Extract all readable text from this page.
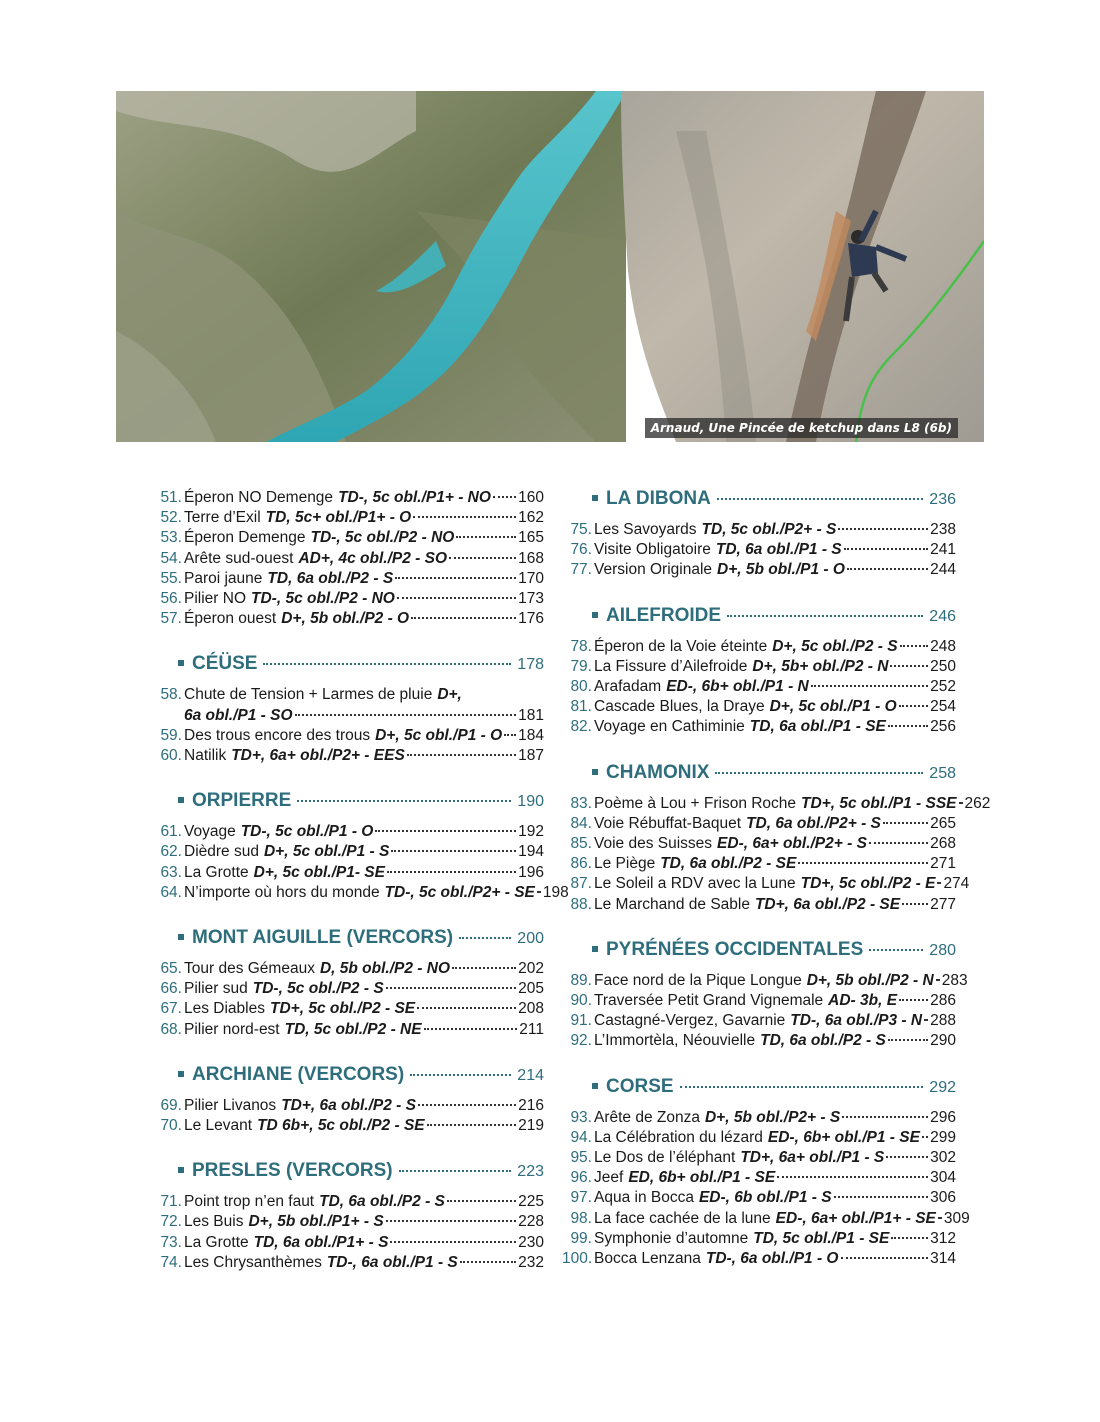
Arnaud, Une Pincée de ketchup dans L8 (6b)
51. Éperon NO Demenge TD-, 5c obl./P1+ - NO 160
52. Terre d’Exil TD, 5c+ obl./P1+ - O	162
53. Éperon Demenge TD-, 5c obl./P2 - NO	165
54. Arête sud-ouest AD+, 4c obl./P2 - SO	168
55. Paroi jaune TD, 6a obl./P2 - S	170
56. Pilier NO TD-, 5c obl./P2 - NO	173
57. Éperon ouest D+, 5b obl./P2 - O	176
CÉÜSE	178
58. Chute de Tension + Larmes de pluie D+,
6a obl./P1 - SO	181
59. Des trous encore des trous D+, 5c obl./P1 - O 184
60. Natilik TD+, 6a+ obl./P2+ - EES	187
ORPIERRE	190
61. Voyage TD-, 5c obl./P1 - O	192
62. Dièdre sud D+, 5c obl./P1 - S	194
63. La Grotte D+, 5c obl./P1- SE	196
64. N’importe où hors du monde TD-, 5c obl./P2+ - SE 198
MONT AIGUILLE (VERCORS)	200
65. Tour des Gémeaux D, 5b obl./P2 - NO	202
66. Pilier sud TD-, 5c obl./P2 - S	205
67. Les Diables TD+, 5c obl./P2 - SE	208
68. Pilier nord-est TD, 5c obl./P2 - NE	211
ARCHIANE (VERCORS)	214
69. Pilier Livanos TD+, 6a obl./P2 - S	216
70. Le Levant TD 6b+, 5c obl./P2 - SE	219
PRESLES (VERCORS)	223
71. Point trop n’en faut TD, 6a obl./P2 - S	225
72. Les Buis D+, 5b obl./P1+ - S	228
73. La Grotte TD, 6a obl./P1+ - S	230
74. Les Chrysanthèmes TD-, 6a obl./P1 - S	232
LA DIBONA	236
75. Les Savoyards TD, 5c obl./P2+ - S	238
76. Visite Obligatoire TD, 6a obl./P1 - S	241
77. Version Originale D+, 5b obl./P1 - O	244
AILEFROIDE	246
78. Éperon de la Voie éteinte D+, 5c obl./P2 - S 248
79. La Fissure d’Ailefroide D+, 5b+ obl./P2 - N	250
80. Arafadam ED-, 6b+ obl./P1 - N	252
81. Cascade Blues, la Draye D+, 5c obl./P1 - O 254
82. Voyage en Cathiminie TD, 6a obl./P1 - SE	256
CHAMONIX	258
83. Poème à Lou + Frison Roche TD+, 5c obl./P1 - SSE 262
84. Voie Rébuffat-Baquet TD, 6a obl./P2+ - S	265
85. Voie des Suisses ED-, 6a+ obl./P2+ - S	268
86. Le Piège TD, 6a obl./P2 - SE	271
87. Le Soleil a RDV avec la Lune TD+, 5c obl./P2 - E 274
88. Le Marchand de Sable TD+, 6a obl./P2 - SE 277
PYRÉNÉES OCCIDENTALES	280
89. Face nord de la Pique Longue D+, 5b obl./P2 - N 283
90. Traversée Petit Grand Vignemale AD- 3b, E 286
91. Castagné-Vergez, Gavarnie TD-, 6a obl./P3 - N 288
92. L’Immortèla, Néouvielle TD, 6a obl./P2 - S	290
CORSE	292
93. Arête de Zonza D+, 5b obl./P2+ - S	296
94. La Célébration du lézard ED-, 6b+ obl./P1 - SE 299
95. Le Dos de l’éléphant TD+, 6a+ obl./P1 - S	302
96. Jeef ED, 6b+ obl./P1 - SE	304
97. Aqua in Bocca ED-, 6b obl./P1 - S	306
98. La face cachée de la lune ED-, 6a+ obl./P1+ - SE 309
99. Symphonie d’automne TD, 5c obl./P1 - SE	312
100. Bocca Lenzana TD-, 6a obl./P1 - O	314
